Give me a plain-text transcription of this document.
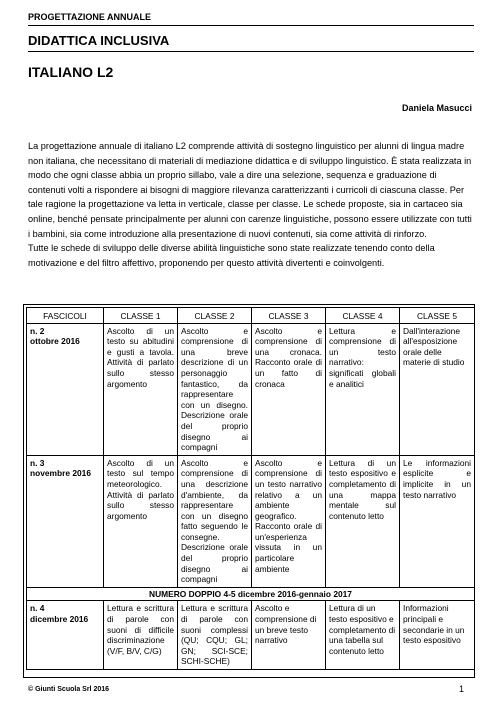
PROGETTAZIONE ANNUALE
DIDATTICA INCLUSIVA
ITALIANO L2
Daniela Masucci

La progettazione annuale di italiano L2 comprende attività di sostegno linguistico per alunni di lingua madre non italiana, che necessitano di materiali di mediazione didattica e di sviluppo linguistico. È stata realizzata in modo che ogni classe abbia un proprio sillabo, vale a dire una selezione, sequenza e graduazione di contenuti volti a rispondere ai bisogni di maggiore rilevanza caratterizzanti i curricoli di ciascuna classe. Per tale ragione la progettazione va letta in verticale, classe per classe. Le schede proposte, sia in cartaceo sia online, benché pensate principalmente per alunni con carenze linguistiche, possono essere utilizzate con tutti i bambini, sia come introduzione alla presentazione di nuovi contenuti, sia come attività di rinforzo.

Tutte le schede di sviluppo delle diverse abilità linguistiche sono state realizzate tenendo conto della motivazione e del filtro affettivo, proponendo per questo attività divertenti e coinvolgenti.

FASCICOLI	CLASSE 1	CLASSE 2	CLASSE 3	CLASSE 4	CLASSE 5

n. 2
ottobre 2016	Ascolto di un testo su abitudini e gusti a tavola. Attività di parlato sullo stesso argomento	Ascolto e comprensione di una breve descrizione di un personaggio fantastico, da rappresentare con un disegno. Descrizione orale del proprio disegno ai compagni	Ascolto e comprensione di una cronaca. Racconto orale di un fatto di cronaca	Lettura e comprensione di un testo narrativo: significati globali e analitici	Dall'interazione all'esposizione orale delle materie di studio

n. 3
novembre 2016	Ascolto di un testo sul tempo meteorologico. Attività di parlato sullo stesso argomento	Ascolto e comprensione di una descrizione d'ambiente, da rappresentare con un disegno fatto seguendo le consegne. Descrizione orale del proprio disegno ai compagni	Ascolto e comprensione di un testo narrativo relativo a un ambiente geografico. Racconto orale di un'esperienza vissuta in un particolare ambiente	Lettura di un testo espositivo e completamento di una mappa mentale sul contenuto letto	Le informazioni esplicite e implicite in un testo narrativo
NUMERO DOPPIO 4-5 dicembre 2016-gennaio 2017					

n. 4
dicembre 2016	Lettura e scrittura di parole con suoni di difficile discriminazione (V/F, B/V, C/G)	Lettura e scrittura di parole con suoni complessi (QU; CQU; GL; GN; SCI-SCE; SCHI-SCHE)	Ascolto e comprensione di un breve testo narrativo	Lettura di un testo espositivo e completamento di una tabella sul contenuto letto	Informazioni principali e secondarie in un testo espositivo
© Giunti Scuola Srl 2016	1
